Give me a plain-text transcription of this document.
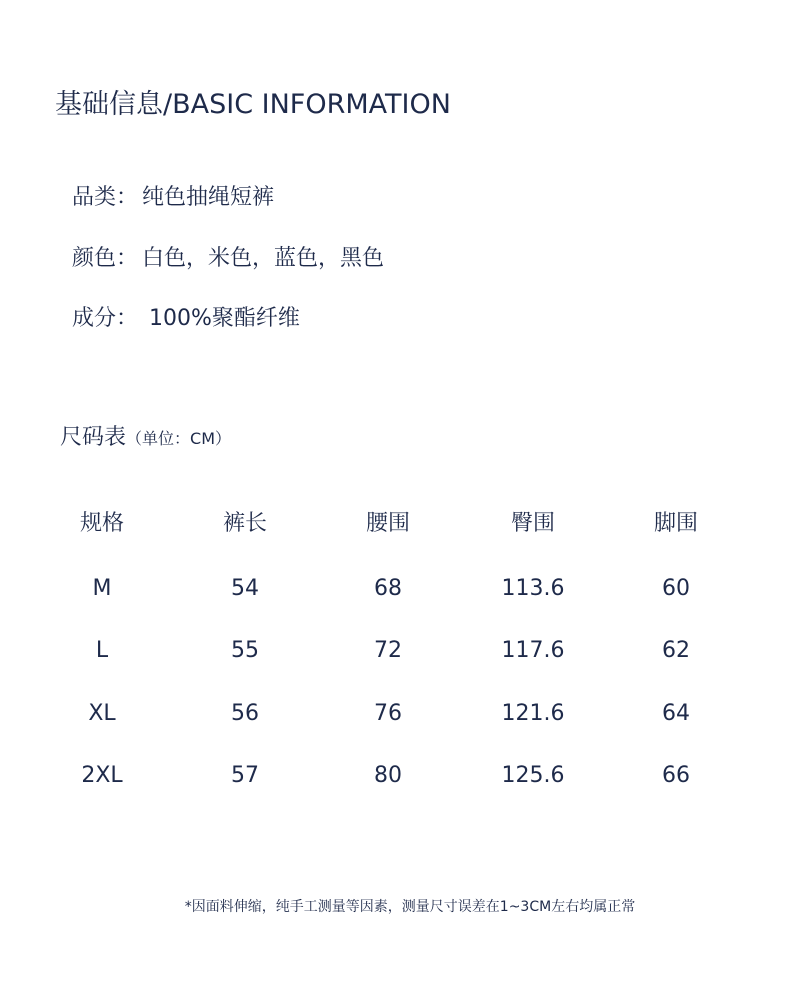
基础信息/BASIC INFORMATION
品类： 纯色抽绳短裤
颜色： 白色，米色，蓝色，黑色
成分： 100%聚酯纤维
尺码表（单位：CM）
规格	裤长	腰围	臀围	脚围
M	54	68	113.6	60
L	55	72	117.6	62
XL	56	76	121.6	64
2XL	57	80	125.6	66
*因面料伸缩，纯手工测量等因素，测量尺寸误差在1~3CM左右均属正常
